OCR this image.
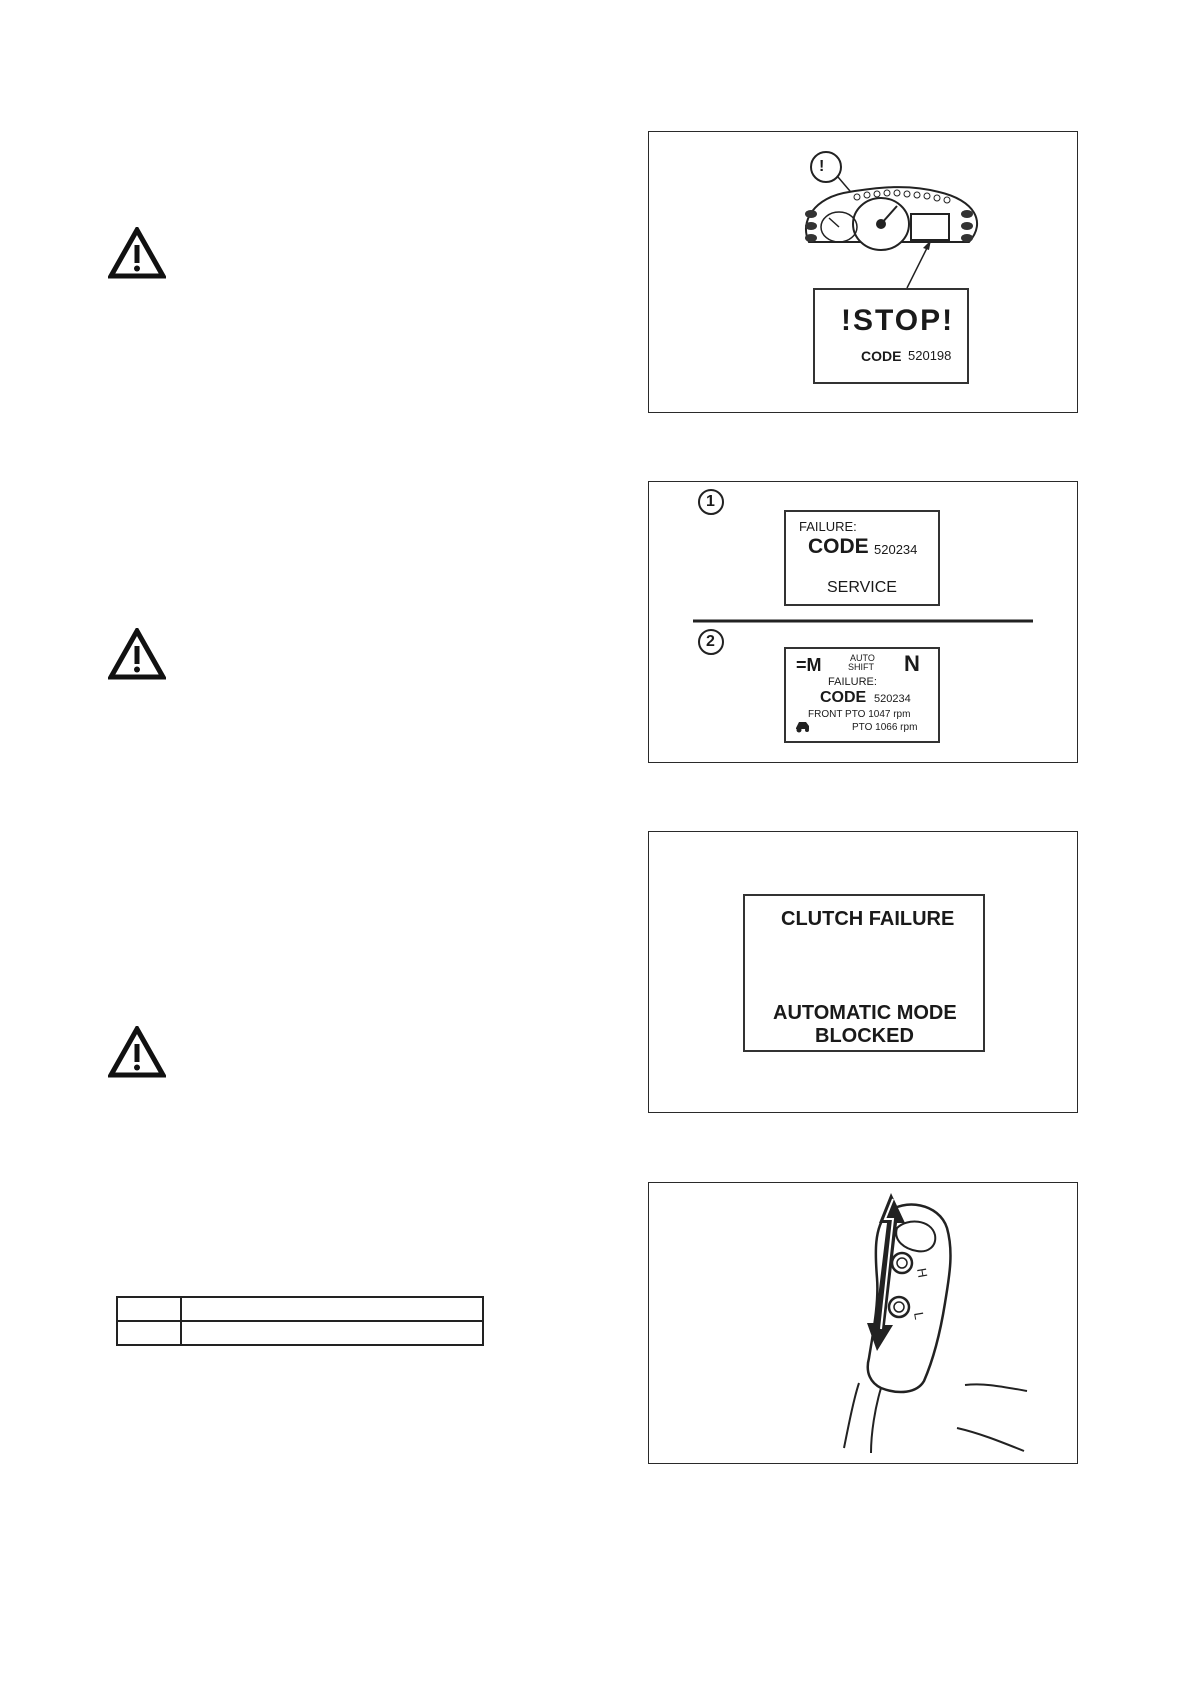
!
!STOP!
CODE 520198
1
2
FAILURE:
CODE 520234
SERVICE
=M	AUTO
SHIFT N
FAILURE:
CODE 520234
FRONT PTO 1047 rpm
PTO 1066 rpm
CLUTCH FAILURE
AUTOMATIC MODE
BLOCKED
H
L
